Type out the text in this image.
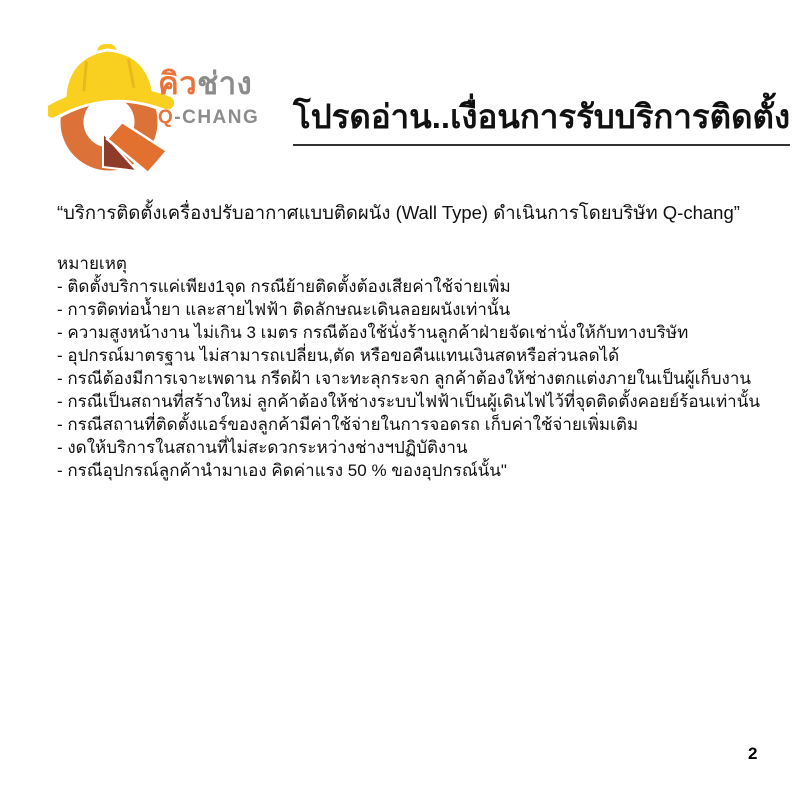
คิวช่าง
Q-CHANG โปรดอ่าน..เงื่อนการรับบริการติดตั้ง

“บริการติดตั้งเครื่องปรับอากาศแบบติดผนัง (Wall Type) ดำเนินการโดยบริษัท Q-chang”

หมายเหตุ

- ติดตั้งบริการแค่เพียง1จุด กรณีย้ายติดตั้งต้องเสียค่าใช้จ่ายเพิ่ม
- การติดท่อน้ำยา และสายไฟฟ้า ติดลักษณะเดินลอยผนังเท่านั้น
- ความสูงหน้างาน ไม่เกิน 3 เมตร กรณีต้องใช้นั่งร้านลูกค้าฝ่ายจัดเช่านั่งให้กับทางบริษัท
- อุปกรณ์มาตรฐาน ไม่สามารถเปลี่ยน,ตัด หรือขอคืนแทนเงินสดหรือส่วนลดได้
- กรณีต้องมีการเจาะเพดาน กรีดฝ้า เจาะทะลุกระจก ลูกค้าต้องให้ช่างตกแต่งภายในเป็นผู้เก็บงาน
- กรณีเป็นสถานที่สร้างใหม่ ลูกค้าต้องให้ช่างระบบไฟฟ้าเป็นผู้เดินไฟไว้ที่จุดติดตั้งคอยย์ร้อนเท่านั้น
- กรณีสถานที่ติดตั้งแอร์ของลูกค้ามีค่าใช้จ่ายในการจอดรถ เก็บค่าใช้จ่ายเพิ่มเติม
- งดให้บริการในสถานที่ไม่สะดวกระหว่างช่างฯปฏิบัติงาน
- กรณีอุปกรณ์ลูกค้านำมาเอง คิดค่าแรง 50 % ของอุปกรณ์นั้น"
2
